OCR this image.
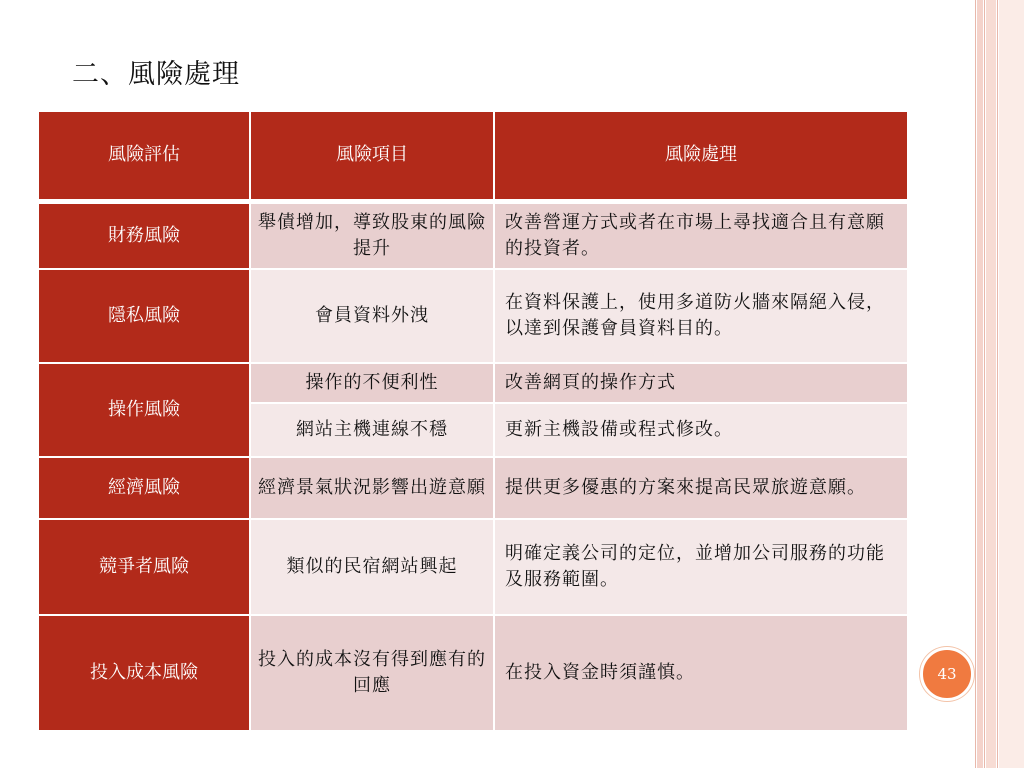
二、風險處理
風險評估	風險項目	風險處理
財務風險	舉債增加，導致股東的風險提升	改善營運方式或者在市場上尋找適合且有意願的投資者。
隱私風險	會員資料外洩	在資料保護上，使用多道防火牆來隔絕入侵，以達到保護會員資料目的。
操作風險	操作的不便利性	改善網頁的操作方式
	網站主機連線不穩	更新主機設備或程式修改。
經濟風險	經濟景氣狀況影響出遊意願	提供更多優惠的方案來提高民眾旅遊意願。
競爭者風險	類似的民宿網站興起	明確定義公司的定位，並增加公司服務的功能及服務範圍。
投入成本風險	投入的成本沒有得到應有的回應	在投入資金時須謹慎。	43
